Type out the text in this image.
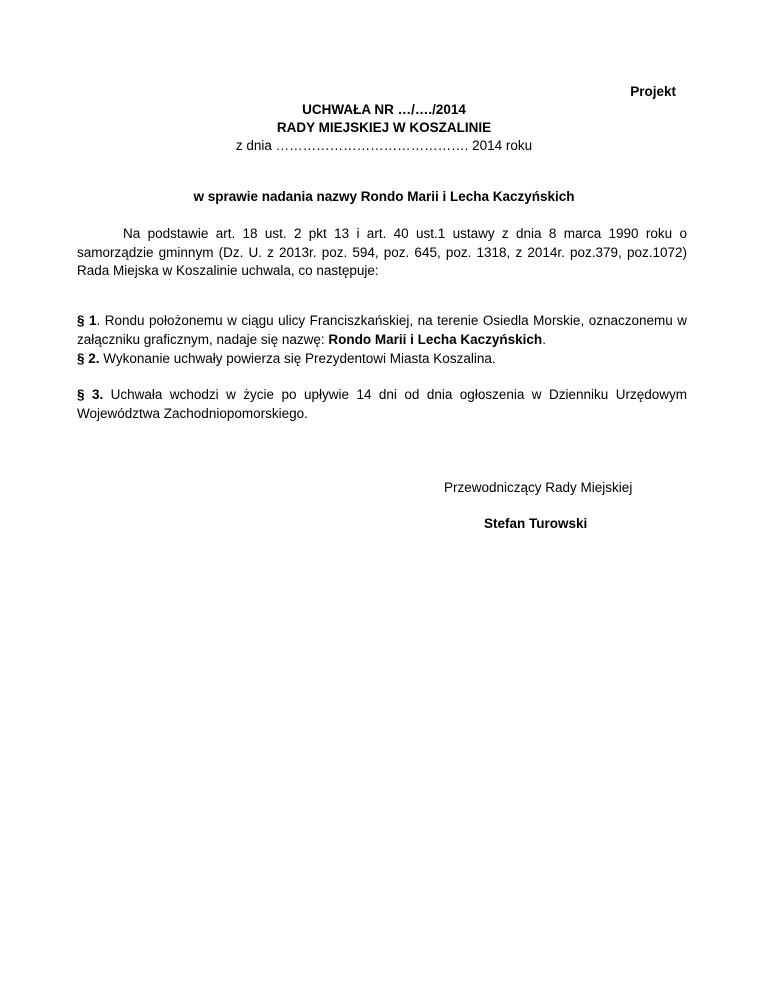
Projekt
UCHWAŁA NR …/…./2014
RADY MIEJSKIEJ W KOSZALINIE
z dnia ……………………………………. 2014 roku
w sprawie nadania nazwy Rondo Marii i Lecha Kaczyńskich
Na podstawie art. 18 ust. 2 pkt 13 i art. 40 ust.1 ustawy z dnia 8 marca 1990 roku o samorządzie gminnym (Dz. U. z 2013r. poz. 594, poz. 645, poz. 1318, z 2014r. poz.379, poz.1072) Rada Miejska w Koszalinie uchwala, co następuje:
§ 1. Rondu położonemu w ciągu ulicy Franciszkańskiej, na terenie Osiedla Morskie, oznaczonemu w załączniku graficznym, nadaje się nazwę: Rondo Marii i Lecha Kaczyńskich.
§ 2. Wykonanie uchwały powierza się Prezydentowi Miasta Koszalina.
§ 3. Uchwała wchodzi w życie po upływie 14 dni od dnia ogłoszenia w Dzienniku Urzędowym Województwa Zachodniopomorskiego.
Przewodniczący Rady Miejskiej
Stefan Turowski
